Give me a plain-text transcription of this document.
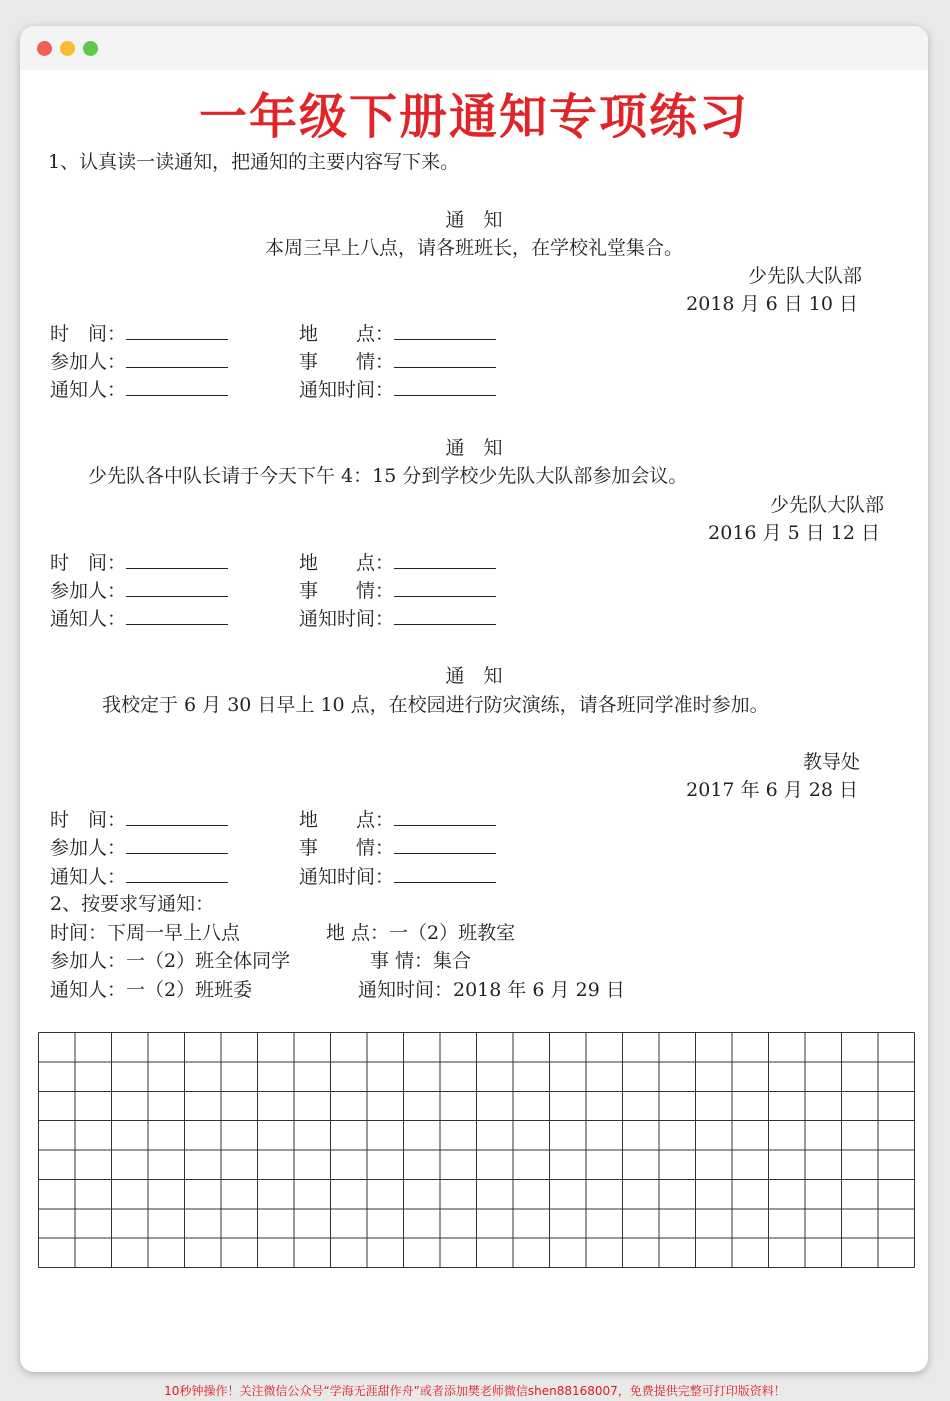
一年级下册通知专项练习
1、认真读一读通知，把通知的主要内容写下来。
通　知
本周三早上八点，请各班班长，在学校礼堂集合。
少先队大队部
2018 月 6 日 10 日
时　间：	地　　点：
参加人：	事　　情：
通知人：	通知时间：
通　知
少先队各中队长请于今天下午 4：15 分到学校少先队大队部参加会议。
少先队大队部
2016 月 5 日 12 日
时　间：	地　　点：
参加人：	事　　情：
通知人：	通知时间：
通　知
我校定于 6 月 30 日早上 10 点，在校园进行防灾演练，请各班同学准时参加。
教导处
2017 年 6 月 28 日
时　间：	地　　点：
参加人：	事　　情：
通知人：	通知时间：
2、按要求写通知：
时间：下周一早上八点	地 点：一（2）班教室
参加人：一（2）班全体同学	事 情：集合
通知人：一（2）班班委	通知时间：2018 年 6 月 29 日
10秒钟操作！关注微信公众号“学海无涯甜作舟”或者添加樊老师微信shen88168007，免费提供完整可打印版资料！
